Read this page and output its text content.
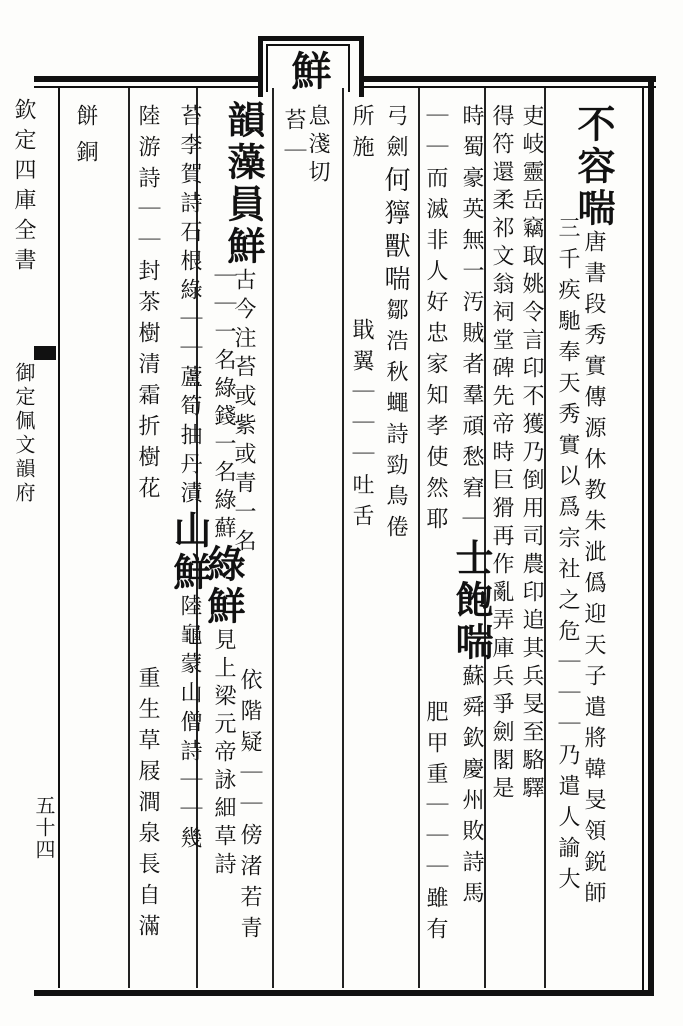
欽定四庫全書
御定佩文韻府
五十四
鮮
息淺切	不容喘唐書段秀實傳源休教朱泚僞迎天子遣將韓旻領鋭師
三千疾馳奉天秀實以爲宗社之危｜｜｜乃遣人諭大
吏岐靈岳竊取姚令言印不獲乃倒用司農印追其兵旻至駱驛
得符還柔祁文翁祠堂碑先帝時巨猾再作亂弄庫兵爭劍閣是
時蜀豪英無一汚賊者羣頑愁窘｜士飽喘蘇舜欽慶州敗詩馬
｜｜而滅非人好忠家知孝使然耶
肥甲重｜｜｜雖有
弓劍何獰獸喘鄒浩秋蠅詩勁鳥倦
所施
戢翼｜｜｜吐舌
苔｜
韻藻員鮮古今注苔或紫或青一名
｜｜一名綠錢一名綠蘚綠鮮見上梁元帝詠細草詩 依階疑｜｜傍渚若青
苔李賀詩石根綠｜｜蘆筍抽丹漬山鮮陸龜蒙山僧詩｜｜幾
陸游詩｜｜封茶樹清霜折樹花
重生草屐澗泉長自滿
餅銅
